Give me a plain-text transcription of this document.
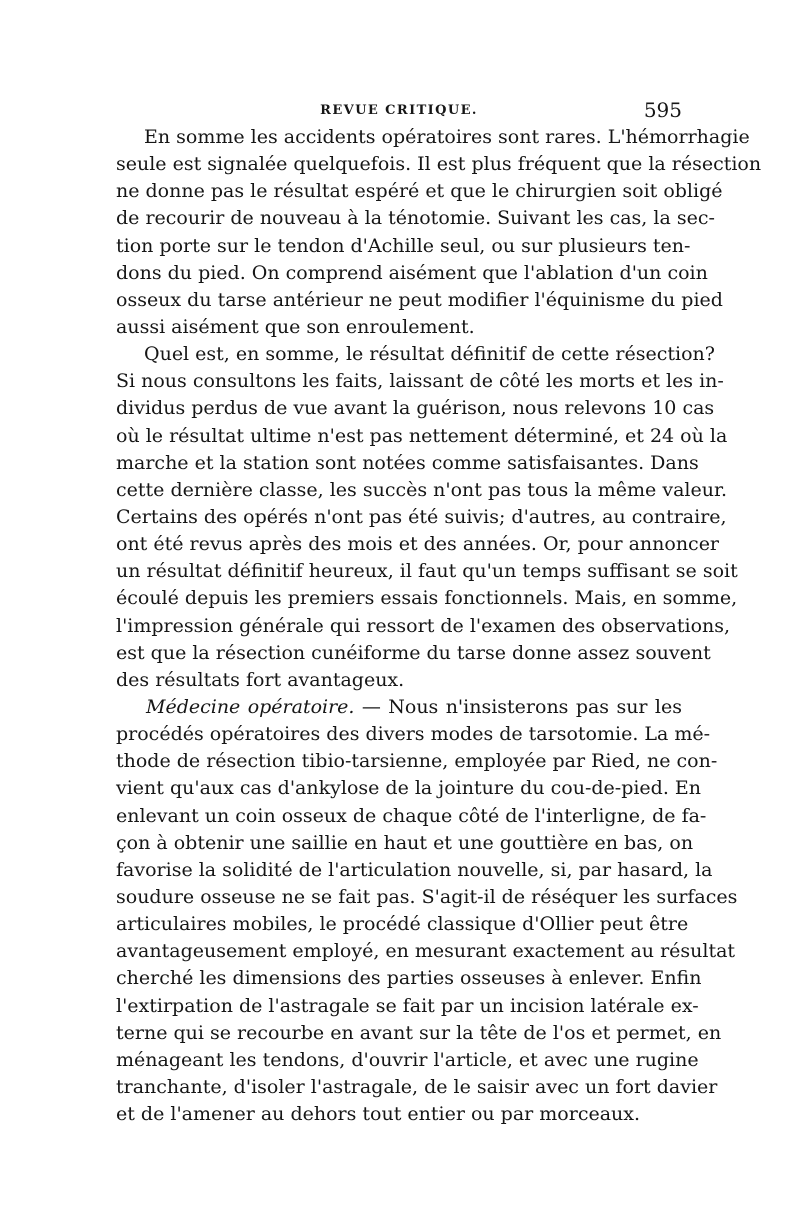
REVUE CRITIQUE.	595
En somme les accidents opératoires sont rares. L'hémorrhagie
seule est signalée quelquefois. Il est plus fréquent que la résection
ne donne pas le résultat espéré et que le chirurgien soit obligé
de recourir de nouveau à la ténotomie. Suivant les cas, la sec-
tion porte sur le tendon d'Achille seul, ou sur plusieurs ten-
dons du pied. On comprend aisément que l'ablation d'un coin
osseux du tarse antérieur ne peut modifier l'équinisme du pied
aussi aisément que son enroulement.
Quel est, en somme, le résultat définitif de cette résection?
Si nous consultons les faits, laissant de côté les morts et les in-
dividus perdus de vue avant la guérison, nous relevons 10 cas
où le résultat ultime n'est pas nettement déterminé, et 24 où la
marche et la station sont notées comme satisfaisantes. Dans
cette dernière classe, les succès n'ont pas tous la même valeur.
Certains des opérés n'ont pas été suivis; d'autres, au contraire,
ont été revus après des mois et des années. Or, pour annoncer
un résultat définitif heureux, il faut qu'un temps suffisant se soit
écoulé depuis les premiers essais fonctionnels. Mais, en somme,
l'impression générale qui ressort de l'examen des observations,
est que la résection cunéiforme du tarse donne assez souvent
des résultats fort avantageux.
Médecine opératoire. — Nous n'insisterons pas sur les
procédés opératoires des divers modes de tarsotomie. La mé-
thode de résection tibio-tarsienne, employée par Ried, ne con-
vient qu'aux cas d'ankylose de la jointure du cou-de-pied. En
enlevant un coin osseux de chaque côté de l'interligne, de fa-
çon à obtenir une saillie en haut et une gouttière en bas, on
favorise la solidité de l'articulation nouvelle, si, par hasard, la
soudure osseuse ne se fait pas. S'agit-il de réséquer les surfaces
articulaires mobiles, le procédé classique d'Ollier peut être
avantageusement employé, en mesurant exactement au résultat
cherché les dimensions des parties osseuses à enlever. Enfin
l'extirpation de l'astragale se fait par un incision latérale ex-
terne qui se recourbe en avant sur la tête de l'os et permet, en
ménageant les tendons, d'ouvrir l'article, et avec une rugine
tranchante, d'isoler l'astragale, de le saisir avec un fort davier
et de l'amener au dehors tout entier ou par morceaux.
